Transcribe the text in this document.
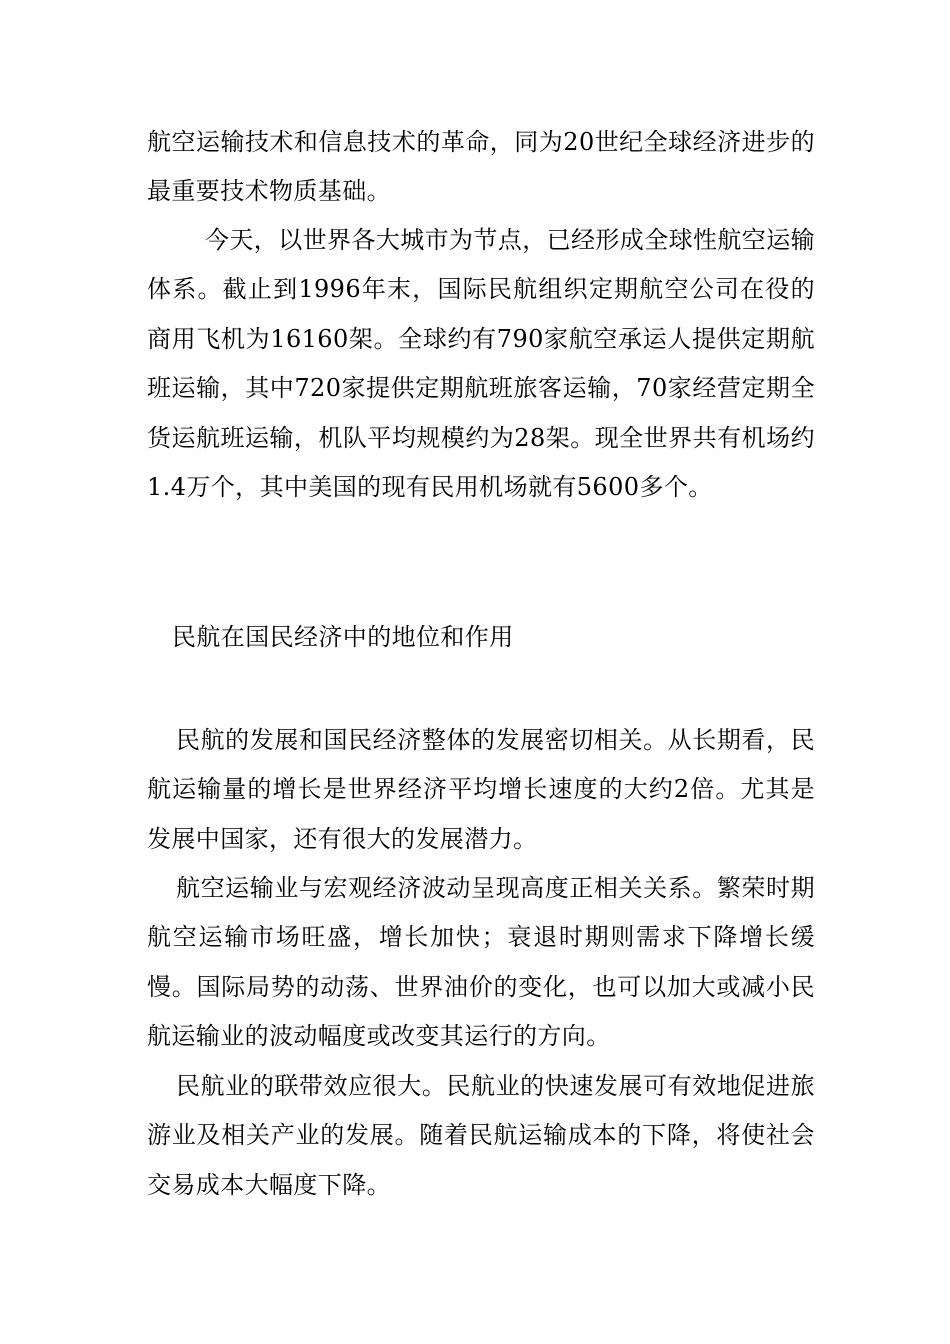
航空运输技术和信息技术的革命，同为20世纪全球经济进步的最重要技术物质基础。

今天，以世界各大城市为节点，已经形成全球性航空运输体系。截止到1996年末，国际民航组织定期航空公司在役的商用飞机为16160架。全球约有790家航空承运人提供定期航班运输，其中720家提供定期航班旅客运输，70家经营定期全货运航班运输，机队平均规模约为28架。现全世界共有机场约1.4万个，其中美国的现有民用机场就有5600多个。

民航在国民经济中的地位和作用

民航的发展和国民经济整体的发展密切相关。从长期看，民航运输量的增长是世界经济平均增长速度的大约2倍。尤其是发展中国家，还有很大的发展潜力。

航空运输业与宏观经济波动呈现高度正相关关系。繁荣时期航空运输市场旺盛，增长加快；衰退时期则需求下降增长缓慢。国际局势的动荡、世界油价的变化，也可以加大或减小民航运输业的波动幅度或改变其运行的方向。

民航业的联带效应很大。民航业的快速发展可有效地促进旅游业及相关产业的发展。随着民航运输成本的下降，将使社会交易成本大幅度下降。
